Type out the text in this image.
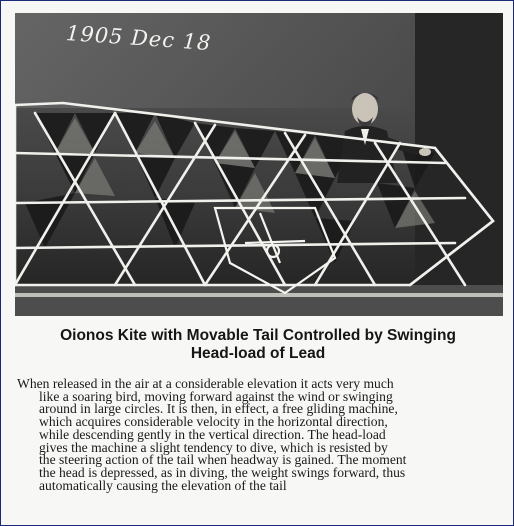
1905 Dec 18
Oionos Kite with Movable Tail Controlled by Swinging
Head-load of Lead
When released in the air at a considerable elevation it acts very much
like a soaring bird, moving forward against the wind or swinging
around in large circles. It is then, in effect, a free gliding machine,
which acquires considerable velocity in the horizontal direction,
while descending gently in the vertical direction. The head-load
gives the machine a slight tendency to dive, which is resisted by
the steering action of the tail when headway is gained. The moment
the head is depressed, as in diving, the weight swings forward, thus
automatically causing the elevation of the tail
